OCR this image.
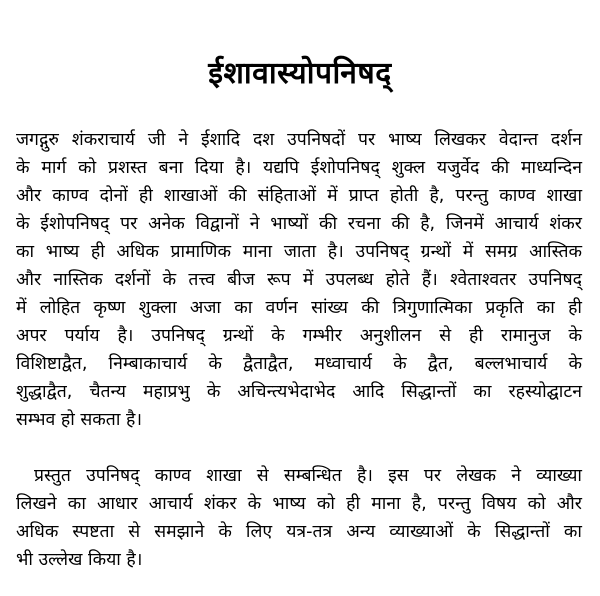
ईशावास्योपनिषद्
जगद्गुरु शंकराचार्य जी ने ईशादि दश उपनिषदों पर भाष्य लिखकर वेदान्त दर्शन
के मार्ग को प्रशस्त बना दिया है। यद्यपि ईशोपनिषद् शुक्ल यजुर्वेद की माध्यन्दिन
और काण्व दोनों ही शाखाओं की संहिताओं में प्राप्त होती है, परन्तु काण्व शाखा
के ईशोपनिषद् पर अनेक विद्वानों ने भाष्यों की रचना की है, जिनमें आचार्य शंकर
का भाष्य ही अधिक प्रामाणिक माना जाता है। उपनिषद् ग्रन्थों में समग्र आस्तिक
और नास्तिक दर्शनों के तत्त्व बीज रूप में उपलब्ध होते हैं। श्वेताश्वतर उपनिषद्
में लोहित कृष्ण शुक्ला अजा का वर्णन सांख्य की त्रिगुणात्मिका प्रकृति का ही
अपर पर्याय है। उपनिषद् ग्रन्थों के गम्भीर अनुशीलन से ही रामानुज के
विशिष्टाद्वैत, निम्बाकाचार्य के द्वैताद्वैत, मध्वाचार्य के द्वैत, बल्लभाचार्य के
शुद्धाद्वैत, चैतन्य महाप्रभु के अचिन्त्यभेदाभेद आदि सिद्धान्तों का रहस्योद्घाटन
सम्भव हो सकता है।
प्रस्तुत उपनिषद् काण्व शाखा से सम्बन्धित है। इस पर लेखक ने व्याख्या
लिखने का आधार आचार्य शंकर के भाष्य को ही माना है, परन्तु विषय को और
अधिक स्पष्टता से समझाने के लिए यत्र-तत्र अन्य व्याख्याओं के सिद्धान्तों का
भी उल्लेख किया है।
